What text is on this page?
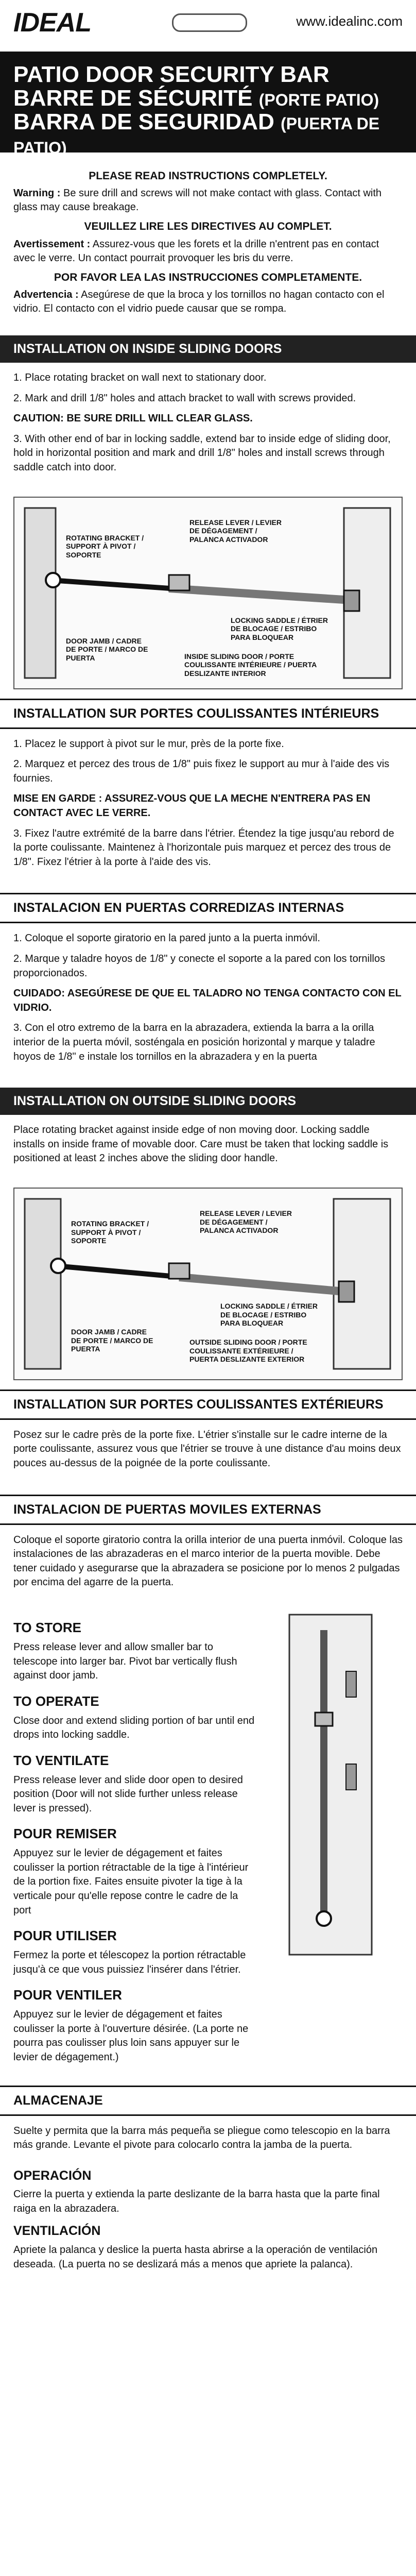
IDEAL	www.idealinc.com
PATIO DOOR SECURITY BAR
BARRE DE SÉCURITÉ (PORTE PATIO)
BARRA DE SEGURIDAD (PUERTA DE PATIO)
PLEASE READ INSTRUCTIONS COMPLETELY.

Warning : Be sure drill and screws will not make contact with glass. Contact with glass may cause breakage.

VEUILLEZ LIRE LES DIRECTIVES AU COMPLET.

Avertissement : Assurez-vous que les forets et la drille n'entrent pas en contact avec le verre. Un contact pourrait provoquer les bris du verre.

POR FAVOR LEA LAS INSTRUCCIONES COMPLETAMENTE.

Advertencia : Asegúrese de que la broca y los tornillos no hagan contacto con el vidrio. El contacto con el vidrio puede causar que se rompa.

INSTALLATION ON INSIDE SLIDING DOORS

1. Place rotating bracket on wall next to stationary door.

2. Mark and drill 1/8" holes and attach bracket to wall with screws provided.

CAUTION: BE SURE DRILL WILL CLEAR GLASS.

3. With other end of bar in locking saddle, extend bar to inside edge of sliding door, hold in horizontal position and mark and drill 1/8" holes and install screws through saddle catch into door.

RELEASE LEVER / LEVIER DE DÉGAGEMENT / PALANCA ACTIVADOR
ROTATING BRACKET / SUPPORT À PIVOT / SOPORTE
LOCKING SADDLE / ÉTRIER DE BLOCAGE / ESTRIBO PARA BLOQUEAR
DOOR JAMB / CADRE DE PORTE / MARCO DE PUERTA	INSIDE SLIDING DOOR / PORTE COULISSANTE INTÉRIEURE / PUERTA DESLIZANTE INTERIOR
INSTALLATION SUR PORTES COULISSANTES INTÉRIEURS

1. Placez le support à pivot sur le mur, près de la porte fixe.

2. Marquez et percez des trous de 1/8" puis fixez le support au mur à l'aide des vis fournies.

MISE EN GARDE : ASSUREZ-VOUS QUE LA MECHE N'ENTRERA PAS EN CONTACT AVEC LE VERRE.

3. Fixez l'autre extrémité de la barre dans l'étrier. Étendez la tige jusqu'au rebord de la porte coulissante. Maintenez à l'horizontale puis marquez et percez des trous de 1/8". Fixez l'étrier à la porte à l'aide des vis.

INSTALACION EN PUERTAS CORREDIZAS INTERNAS

1. Coloque el soporte giratorio en la pared junto a la puerta inmóvil.

2. Marque y taladre hoyos de 1/8" y conecte el soporte a la pared con los tornillos proporcionados.

CUIDADO: ASEGÚRESE DE QUE EL TALADRO NO TENGA CONTACTO CON EL VIDRIO.

3. Con el otro extremo de la barra en la abrazadera, extienda la barra a la orilla interior de la puerta móvil, sosténgala en posición horizontal y marque y taladre hoyos de 1/8" e instale los tornillos en la abrazadera y en la puerta

INSTALLATION ON OUTSIDE SLIDING DOORS

Place rotating bracket against inside edge of non moving door. Locking saddle installs on inside frame of movable door. Care must be taken that locking saddle is positioned at least 2 inches above the sliding door handle.

RELEASE LEVER / LEVIER DE DÉGAGEMENT / PALANCA ACTIVADOR
ROTATING BRACKET / SUPPORT À PIVOT / SOPORTE
LOCKING SADDLE / ÉTRIER DE BLOCAGE / ESTRIBO PARA BLOQUEAR
DOOR JAMB / CADRE DE PORTE / MARCO DE PUERTA
OUTSIDE SLIDING DOOR / PORTE COULISSANTE EXTÉRIEURE / PUERTA DESLIZANTE EXTERIOR
INSTALLATION SUR PORTES COULISSANTES EXTÉRIEURS

Posez sur le cadre près de la porte fixe. L'étrier s'installe sur le cadre interne de la porte coulissante, assurez vous que l'étrier se trouve à une distance d'au moins deux pouces au-dessus de la poignée de la porte coulissante.

INSTALACION DE PUERTAS MOVILES EXTERNAS

Coloque el soporte giratorio contra la orilla interior de una puerta inmóvil. Coloque las instalaciones de las abrazaderas en el marco interior de la puerta movible. Debe tener cuidado y asegurarse que la abrazadera se posicione por lo menos 2 pulgadas por encima del agarre de la puerta.

TO STORE

Press release lever and allow smaller bar to telescope into larger bar. Pivot bar vertically flush against door jamb.

TO OPERATE

Close door and extend sliding portion of bar until end drops into locking saddle.

TO VENTILATE

Press release lever and slide door open to desired position (Door will not slide further unless release lever is pressed).

POUR REMISER

Appuyez sur le levier de dégagement et faites coulisser la portion rétractable de la tige à l'intérieur de la portion fixe. Faites ensuite pivoter la tige à la verticale pour qu'elle repose contre le cadre de la port

POUR UTILISER

Fermez la porte et télescopez la portion rétractable jusqu'à ce que vous puissiez l'insérer dans l'étrier.

POUR VENTILER

Appuyez sur le levier de dégagement et faites coulisser la porte à l'ouverture désirée. (La porte ne pourra pas coulisser plus loin sans appuyer sur le levier de dégagement.)

ALMACENAJE

Suelte y permita que la barra más pequeña se pliegue como telescopio en la barra más grande. Levante el pivote para colocarlo contra la jamba de la puerta.

OPERACIÓN

Cierre la puerta y extienda la parte deslizante de la barra hasta que la parte final raiga en la abrazadera.

VENTILACIÓN

Apriete la palanca y deslice la puerta hasta abrirse a la operación de ventilación deseada. (La puerta no se deslizará más a menos que apriete la palanca).
